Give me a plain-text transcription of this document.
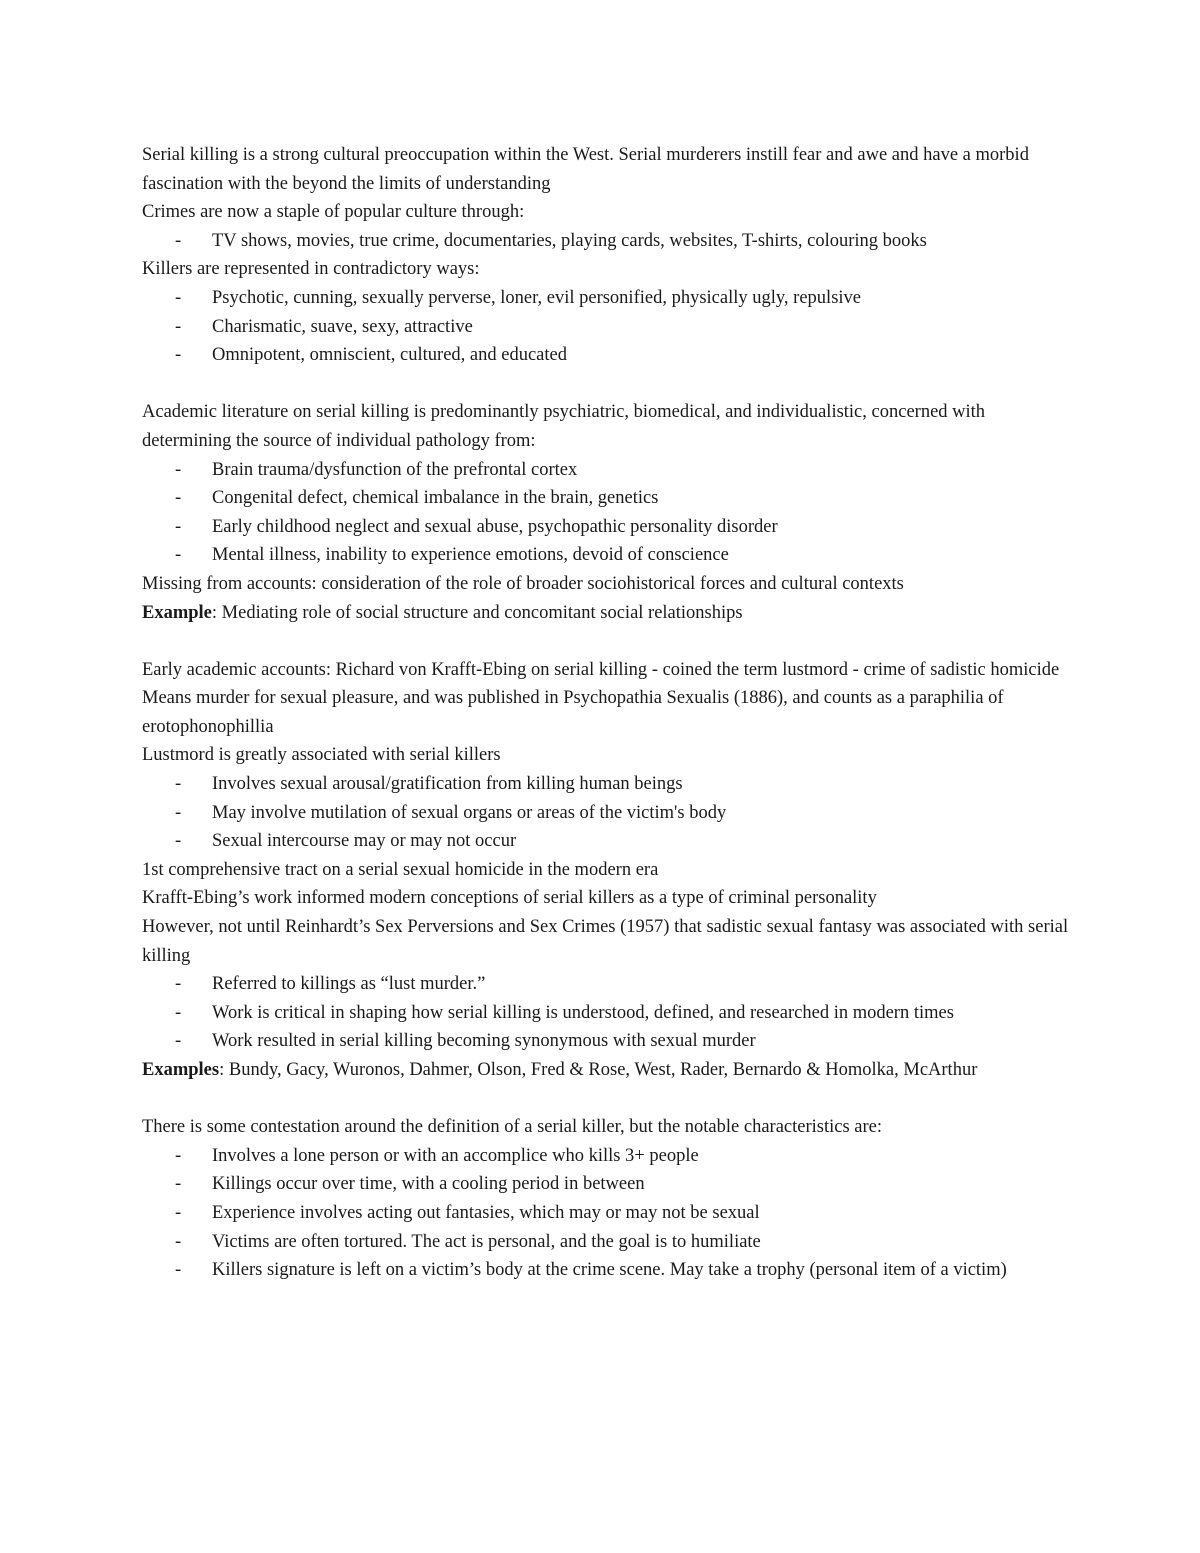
Serial killing is a strong cultural preoccupation within the West. Serial murderers instill fear and awe and have a morbid fascination with the beyond the limits of understanding

Crimes are now a staple of popular culture through:

- TV shows, movies, true crime, documentaries, playing cards, websites, T-shirts, colouring books

Killers are represented in contradictory ways:

- Psychotic, cunning, sexually perverse, loner, evil personified, physically ugly, repulsive

- Charismatic, suave, sexy, attractive

- Omnipotent, omniscient, cultured, and educated

Academic literature on serial killing is predominantly psychiatric, biomedical, and individualistic, concerned with determining the source of individual pathology from:

- Brain trauma/dysfunction of the prefrontal cortex

- Congenital defect, chemical imbalance in the brain, genetics

- Early childhood neglect and sexual abuse, psychopathic personality disorder

- Mental illness, inability to experience emotions, devoid of conscience

Missing from accounts: consideration of the role of broader sociohistorical forces and cultural contexts

Example: Mediating role of social structure and concomitant social relationships

Early academic accounts: Richard von Krafft-Ebing on serial killing - coined the term lustmord - crime of sadistic homicide

Means murder for sexual pleasure, and was published in Psychopathia Sexualis (1886), and counts as a paraphilia of erotophonophillia

Lustmord is greatly associated with serial killers

- Involves sexual arousal/gratification from killing human beings

- May involve mutilation of sexual organs or areas of the victim's body

- Sexual intercourse may or may not occur

1st comprehensive tract on a serial sexual homicide in the modern era

Krafft-Ebing’s work informed modern conceptions of serial killers as a type of criminal personality

However, not until Reinhardt’s Sex Perversions and Sex Crimes (1957) that sadistic sexual fantasy was associated with serial killing

- Referred to killings as “lust murder.”

- Work is critical in shaping how serial killing is understood, defined, and researched in modern times

- Work resulted in serial killing becoming synonymous with sexual murder

Examples: Bundy, Gacy, Wuronos, Dahmer, Olson, Fred & Rose, West, Rader, Bernardo & Homolka, McArthur

There is some contestation around the definition of a serial killer, but the notable characteristics are:

- Involves a lone person or with an accomplice who kills 3+ people

- Killings occur over time, with a cooling period in between

- Experience involves acting out fantasies, which may or may not be sexual

- Victims are often tortured. The act is personal, and the goal is to humiliate

- Killers signature is left on a victim’s body at the crime scene. May take a trophy (personal item of a victim)
